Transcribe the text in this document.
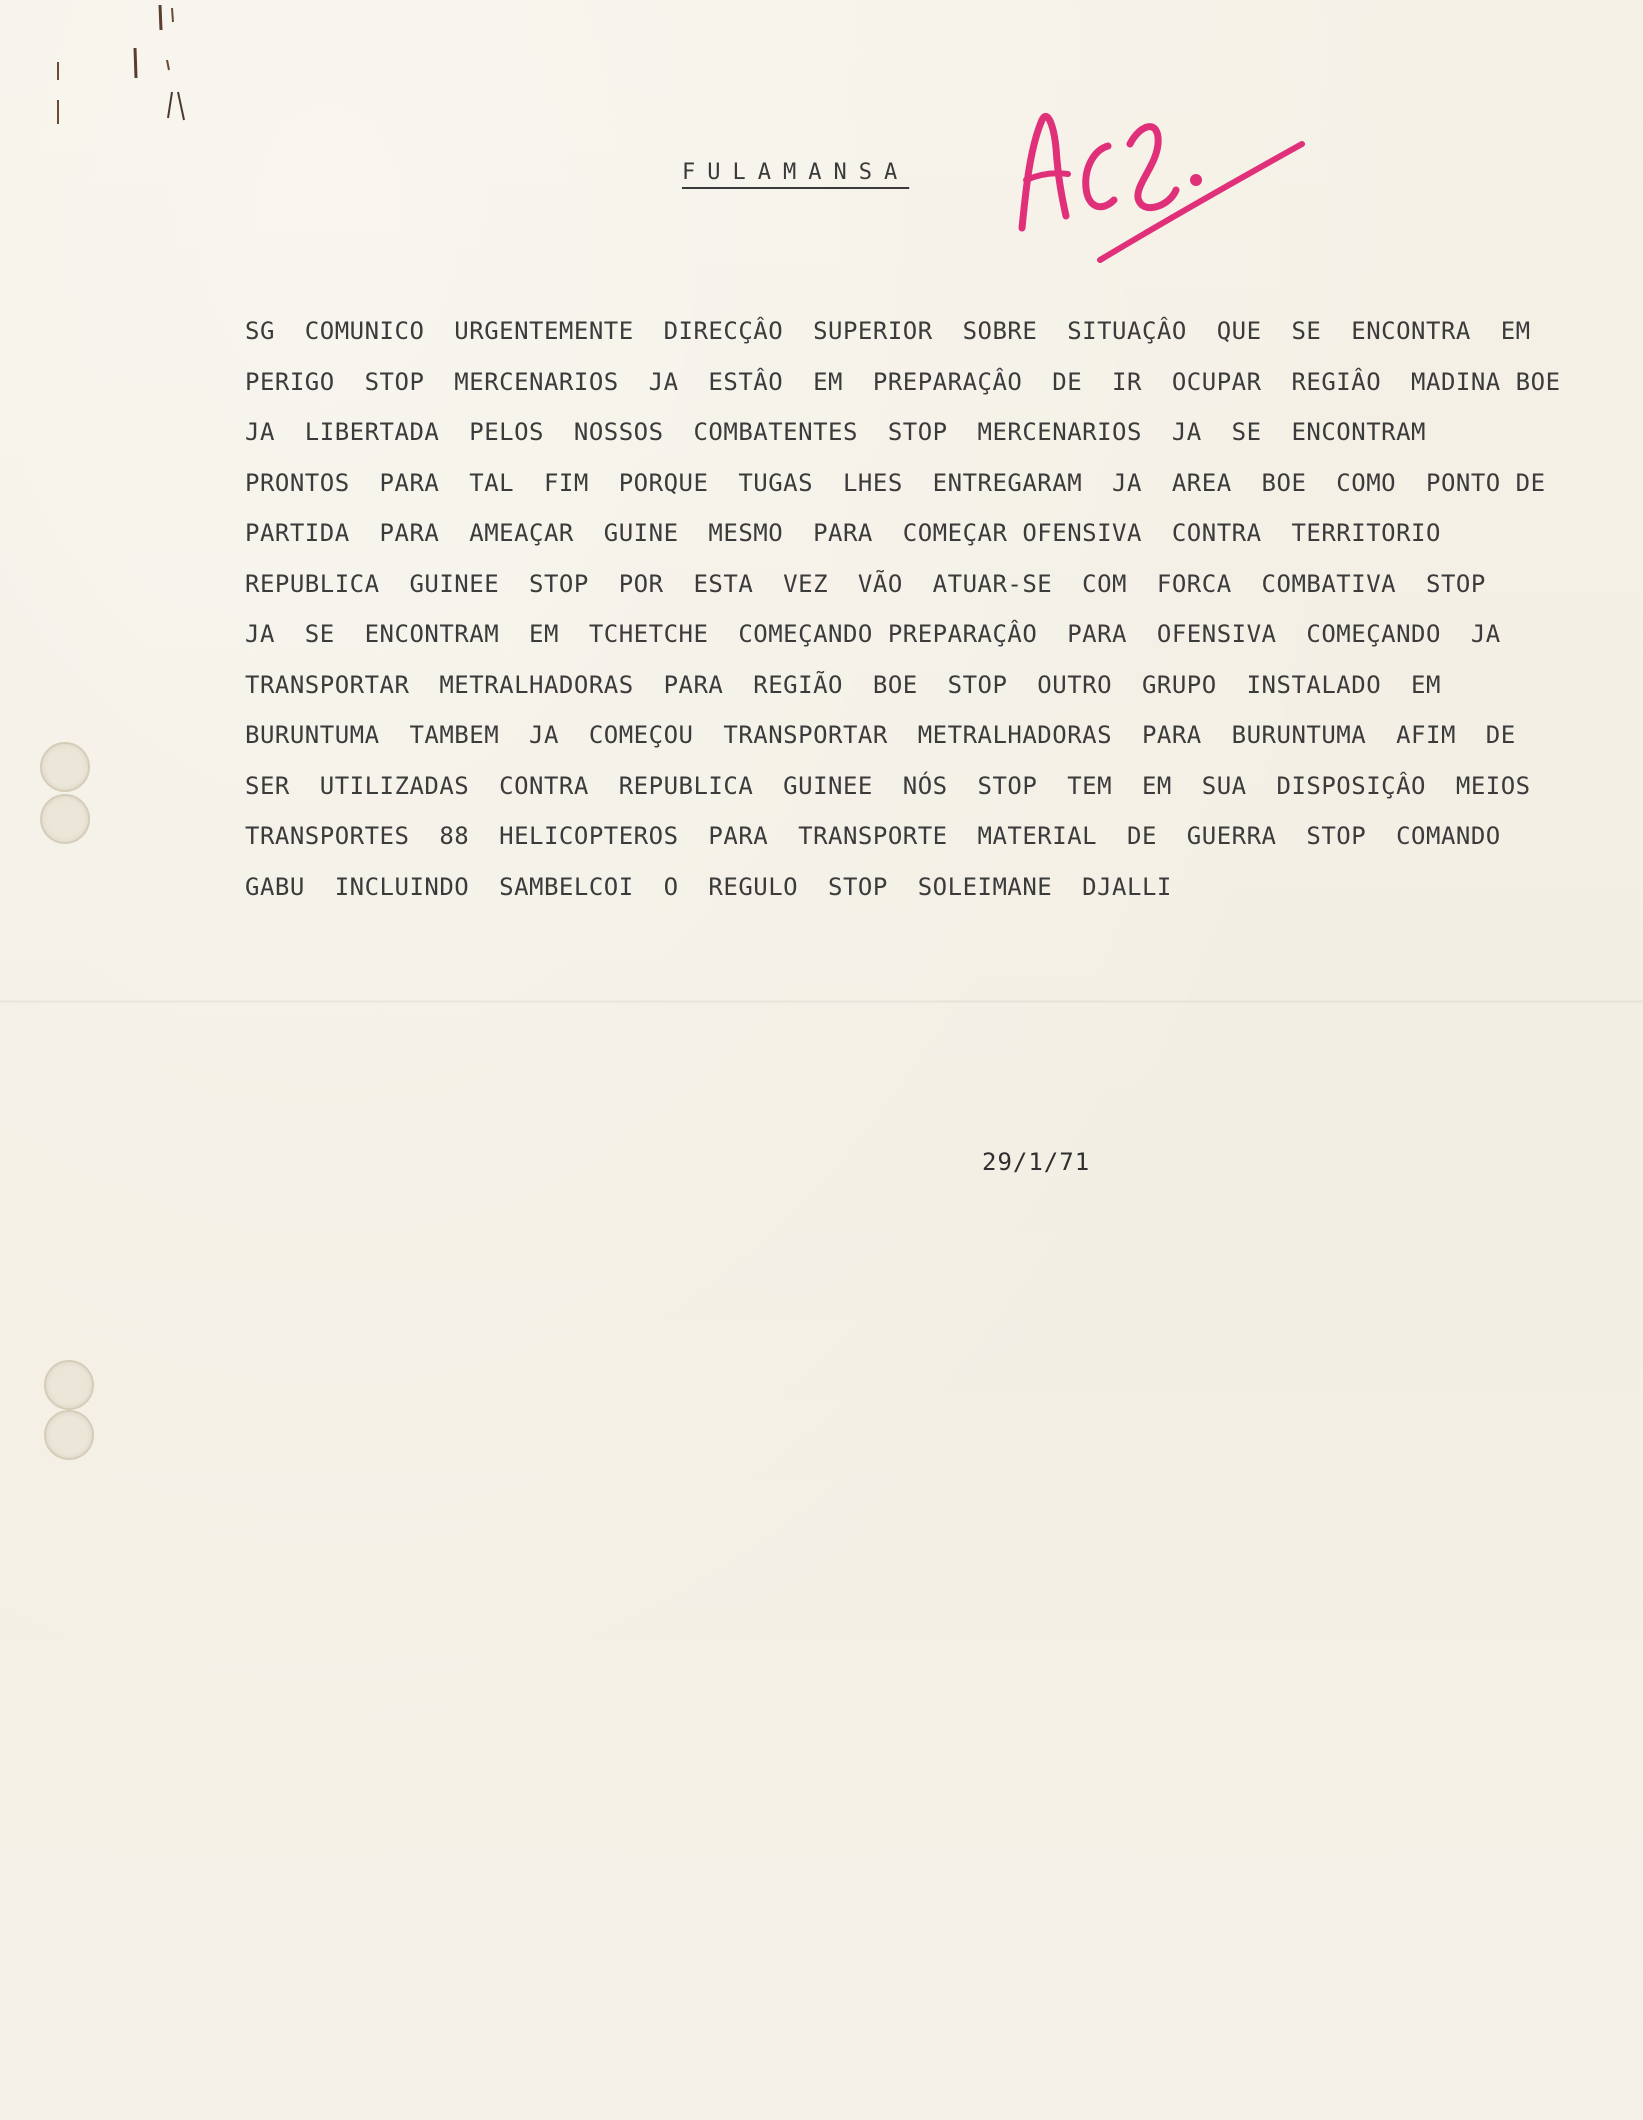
FULAMANSA
SG  COMUNICO  URGENTEMENTE  DIRECÇÂO  SUPERIOR  SOBRE  SITUAÇÂO  QUE  SE  ENCONTRA  EM
PERIGO  STOP  MERCENARIOS  JA  ESTÂO  EM  PREPARAÇÂO  DE  IR  OCUPAR  REGIÂO  MADINA BOE
JA  LIBERTADA  PELOS  NOSSOS  COMBATENTES  STOP  MERCENARIOS  JA  SE  ENCONTRAM
PRONTOS  PARA  TAL  FIM  PORQUE  TUGAS  LHES  ENTREGARAM  JA  AREA  BOE  COMO  PONTO DE
PARTIDA  PARA  AMEAÇAR  GUINE  MESMO  PARA  COMEÇAR OFENSIVA  CONTRA  TERRITORIO
REPUBLICA  GUINEE  STOP  POR  ESTA  VEZ  VÃO  ATUAR-SE  COM  FORCA  COMBATIVA  STOP
JA  SE  ENCONTRAM  EM  TCHETCHE  COMEÇANDO PREPARAÇÂO  PARA  OFENSIVA  COMEÇANDO  JA
TRANSPORTAR  METRALHADORAS  PARA  REGIÃO  BOE  STOP  OUTRO  GRUPO  INSTALADO  EM
BURUNTUMA  TAMBEM  JA  COMEÇOU  TRANSPORTAR  METRALHADORAS  PARA  BURUNTUMA  AFIM  DE
SER  UTILIZADAS  CONTRA  REPUBLICA  GUINEE  NÓS  STOP  TEM  EM  SUA  DISPOSIÇÂO  MEIOS
TRANSPORTES  88  HELICOPTEROS  PARA  TRANSPORTE  MATERIAL  DE  GUERRA  STOP  COMANDO
GABU  INCLUINDO  SAMBELCOI  O  REGULO  STOP  SOLEIMANE  DJALLI
29/1/71
